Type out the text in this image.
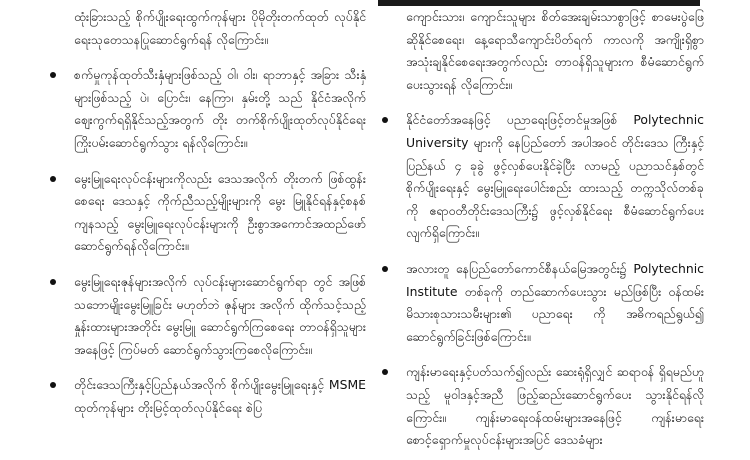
ထုံးခြားသည့် စိုက်ပျိုးရေးထွက်ကုန်များ ပိုမိုတိုးတက်ထုတ် လုပ်နိုင်ရေးသုတေသနပြုဆောင်ရွက်ရန် လိုကြောင်း။
စက်မှုကုန်ထုတ်သီးနှံများဖြစ်သည့် ဝါ၊ ဝါး၊ ရာဘာနှင့် အခြား သီးနှံများဖြစ်သည့် ပဲ၊ ပြောင်း၊ နေကြာ၊ နှမ်းတို့ သည် နိုင်ငံအလိုက် ဈေးကွက်ရရှိနိုင်သည့်အတွက် တိုး တက်စိုက်ပျိုးထုတ်လုပ်နိုင်ရေး ကြိုးပမ်းဆောင်ရွက်သွား ရန်လိုကြောင်း။
မွေးမြူရေးလုပ်ငန်းများကိုလည်း ဒေသအလိုက် တိုးတက် ဖြစ်ထွန်းစေရေး ဒေသနှင့် ကိုက်ညီသည့်မျိုးများကို မွေး မြူနိုင်ရန်နှင့်စနစ်ကျနသည့် မွေးမြူရေးလုပ်ငန်းများကို ဦးစွာအကောင်အထည်ဖော်ဆောင်ရွက်ရန်လိုကြောင်း။
မွေးမြူရေးဇုန်များအလိုက် လုပ်ငန်းများဆောင်ရွက်ရာ တွင် အဖြစ်သဘောမျိုးမွေးမြူခြင်း မဟုတ်ဘဲ ဇုန်များ အလိုက် ထိုက်သင့်သည့်နှုန်းထားများအတိုင်း မွေးမြူ ဆောင်ရွက်ကြစေရေး တာဝန်ရှိသူများအနေဖြင့် ကြပ်မတ် ဆောင်ရွက်သွားကြစေလိုကြောင်း။
တိုင်းဒေသကြီးနှင့်ပြည်နယ်အလိုက် စိုက်ပျိုးမွေးမြူရေးနှင့် MSME ထုတ်ကုန်များ တိုးမြင့်ထုတ်လုပ်နိုင်ရေး စဲပြ
ကျောင်းသား၊ ကျောင်းသူများ စိတ်အေးချမ်းသာစွာဖြင့် စာမေးပွဲဖြေဆိုနိုင်စေရေး၊ နေ့ရောသီကျောင်းပိတ်ရက် ကာလကို အကျိုးရှိစွာအသုံးချနိုင်စေရေးအတွက်လည်း တာဝန်ရှိသူများက စီမံဆောင်ရွက်ပေးသွားရန် လိုကြောင်း။
နိုင်ငံတော်အနေဖြင့် ပညာရေးဖြင့်တင်မှုအဖြစ် Polytechnic University များကို နေပြည်တော် အပါအဝင် တိုင်းဒေသ ကြီးနှင့် ပြည်နယ် ၄ ခုခွဲ ဖွင့်လှစ်ပေးနိုင်ခဲ့ပြီး လာမည့် ပညာသင်နှစ်တွင် စိုက်ပျိုးရေးနှင့် မွေးမြူရေးပေါင်းစည်း ထားသည့် တက္ကသိုလ်တစ်ခုကို ဧရာဝတီတိုင်းဒေသကြီး၌ ဖွင့်လှစ်နိုင်ရေး စီမံဆောင်ရွက်ပေးလျက်ရှိကြောင်း။
အလားတူ နေပြည်တော်ကောင်စီနယ်မြေအတွင်း၌ Polytechnic Institute တစ်ခုကို တည်ဆောက်ပေးသွား မည်ဖြစ်ပြီး ဝန်ထမ်းမိသားစုသားသမီးများ၏ ပညာရေး ကို အဓိကရည်ရွယ်၍ ဆောင်ရွက်ခြင်းဖြစ်ကြောင်း။
ကျန်းမာရေးနှင့်ပတ်သက်၍လည်း ဆေးရုံရှိလျှင် ဆရာဝန် ရှိရမည်ဟူသည့် မူဝါဒနှင့်အညီ ဖြည့်ဆည်းဆောင်ရွက်ပေး သွားနိုင်ရန်လိုကြောင်း။ ကျန်းမာရေးဝန်ထမ်းများအနေဖြင့် ကျန်းမာရေးစောင့်ရှောက်မှုလုပ်ငန်းများအပြင် ဒေသခံများ
